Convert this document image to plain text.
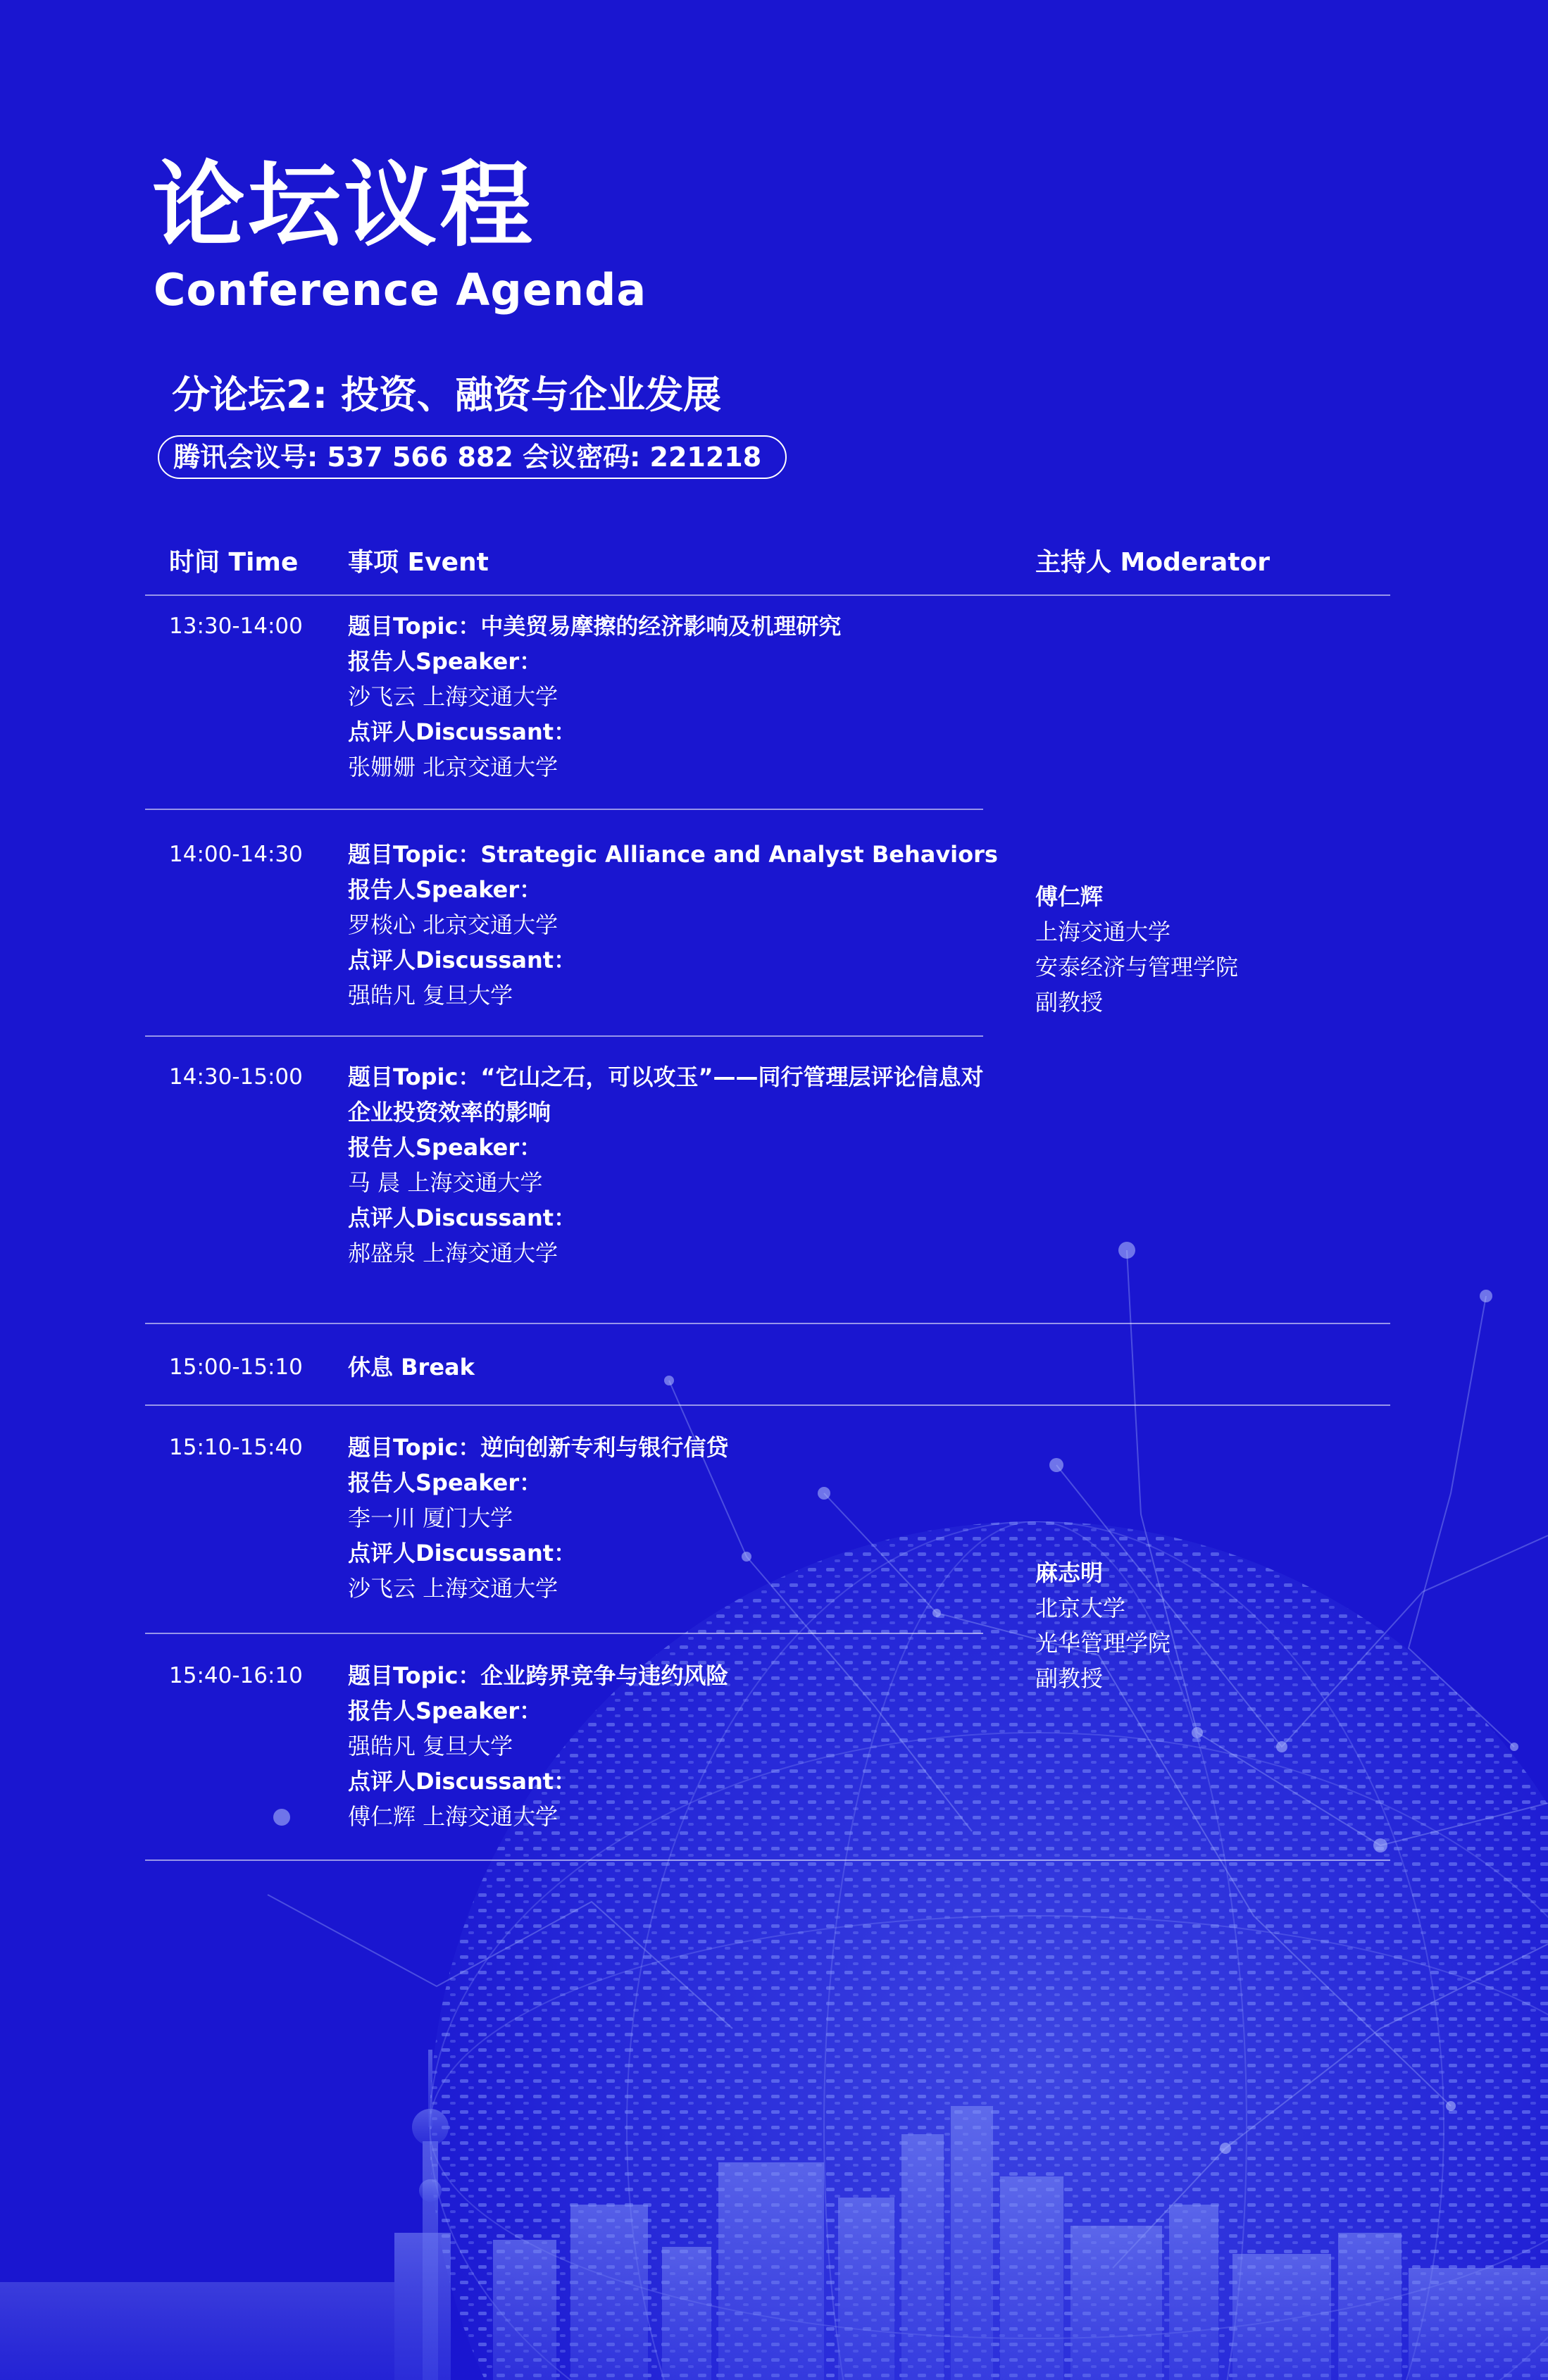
论坛议程
Conference Agenda
分论坛2: 投资、融资与企业发展
腾讯会议号: 537 566 882 会议密码: 221218
时间 Time 事项 Event	主持人 Moderator
13:30-14:00 题目Topic：中美贸易摩擦的经济影响及机理研究
报告人Speaker：
沙飞云 上海交通大学
点评人Discussant：
张姗姗 北京交通大学
14:00-14:30 题目Topic：Strategic Alliance and Analyst Behaviors
报告人Speaker：
罗棪心 北京交通大学
点评人Discussant：
强皓凡 复旦大学
14:30-15:00 题目Topic：“它山之石，可以攻玉”——同行管理层评论信息对企业投资效率的影响
报告人Speaker：
马 晨 上海交通大学
点评人Discussant：
郝盛泉 上海交通大学
傅仁辉
上海交通大学
安泰经济与管理学院
副教授
15:00-15:10 休息 Break
15:10-15:40 题目Topic：逆向创新专利与银行信贷
报告人Speaker：
李一川 厦门大学
点评人Discussant：
沙飞云 上海交通大学
15:40-16:10 题目Topic：企业跨界竞争与违约风险
报告人Speaker：
强皓凡 复旦大学
点评人Discussant：
傅仁辉 上海交通大学
麻志明
北京大学
光华管理学院
副教授
